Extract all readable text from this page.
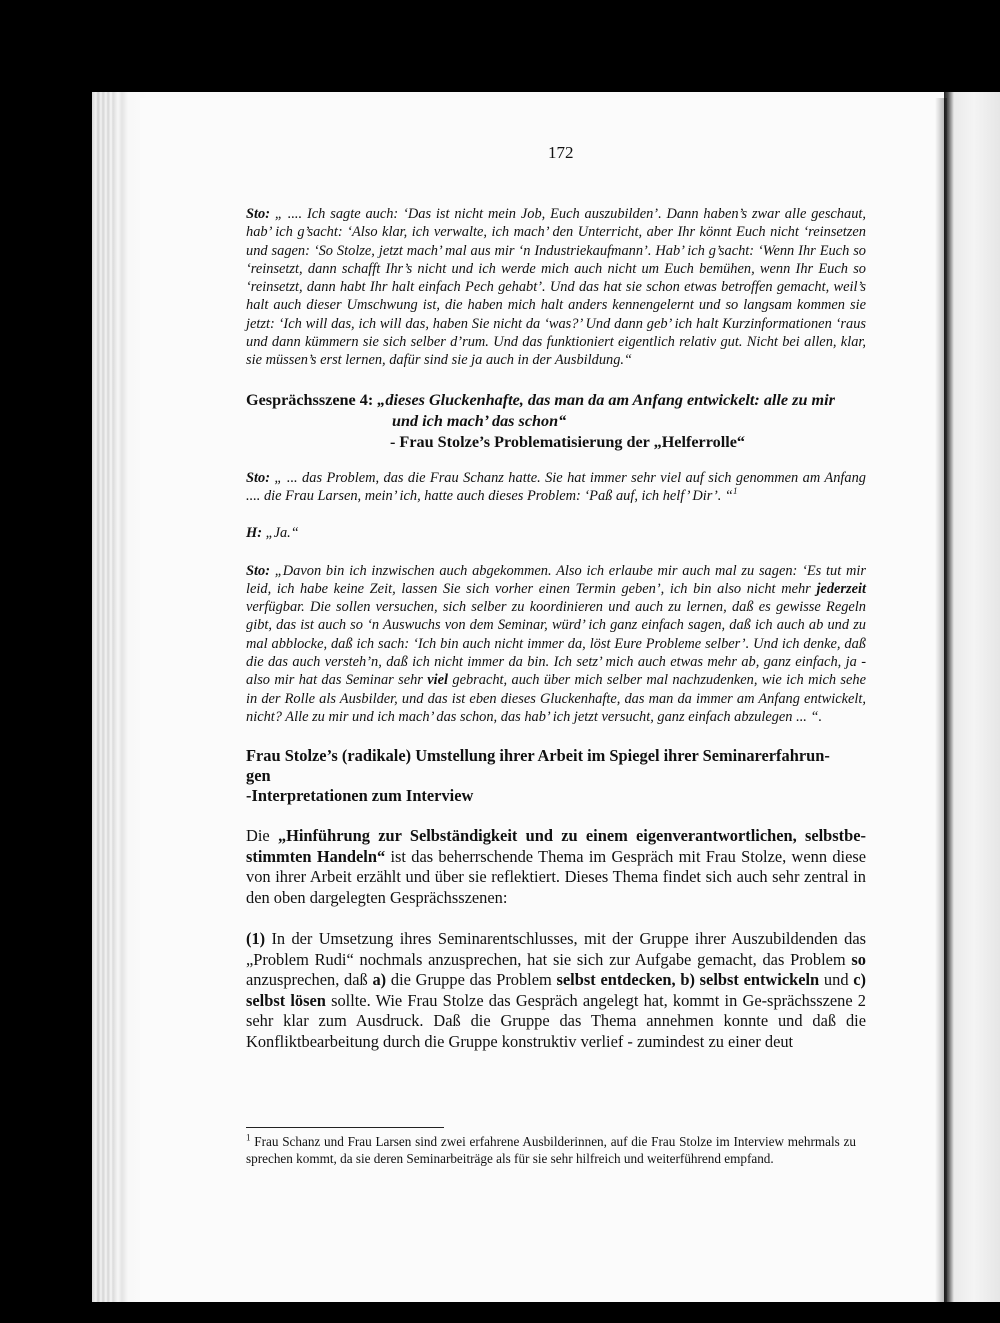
172

Sto: „ .... Ich sagte auch: ‘Das ist nicht mein Job, Euch auszubilden’. Dann haben’s zwar alle geschaut, hab’ ich g’sacht: ‘Also klar, ich verwalte, ich mach’ den Unterricht, aber Ihr könnt Euch nicht ‘reinsetzen und sagen: ‘So Stolze, jetzt mach’ mal aus mir ‘n Industriekaufmann’. Hab’ ich g’sacht: ‘Wenn Ihr Euch so ‘reinsetzt, dann schafft Ihr’s nicht und ich werde mich auch nicht um Euch bemühen, wenn Ihr Euch so ‘reinsetzt, dann habt Ihr halt einfach Pech gehabt’. Und das hat sie schon etwas betroffen gemacht, weil’s halt auch dieser Umschwung ist, die haben mich halt anders kennengelernt und so langsam kommen sie jetzt: ‘Ich will das, ich will das, haben Sie nicht da ‘was?’ Und dann geb’ ich halt Kurzinformationen ‘raus und dann kümmern sie sich selber d’rum. Und das funktioniert eigentlich relativ gut. Nicht bei allen, klar, sie müssen’s erst lernen, dafür sind sie ja auch in der Ausbildung.“

Gesprächsszene 4: „dieses Gluckenhafte, das man da am Anfang entwickelt: alle zu mir
und ich mach’ das schon“
- Frau Stolze’s Problematisierung der „Helferrolle“

Sto: „ ... das Problem, das die Frau Schanz hatte. Sie hat immer sehr viel auf sich genommen am Anfang .... die Frau Larsen, mein’ ich, hatte auch dieses Problem: ‘Paß auf, ich helf’ Dir’. “$^1$

H: „Ja.“

Sto: „Davon bin ich inzwischen auch abgekommen. Also ich erlaube mir auch mal zu sagen: ‘Es tut mir leid, ich habe keine Zeit, lassen Sie sich vorher einen Termin geben’, ich bin also nicht mehr jederzeit verfügbar. Die sollen versuchen, sich selber zu koordinieren und auch zu lernen, daß es gewisse Regeln gibt, das ist auch so ‘n Auswuchs von dem Seminar, würd’ ich ganz einfach sagen, daß ich auch ab und zu mal abblocke, daß ich sach: ‘Ich bin auch nicht immer da, löst Eure Probleme selber’. Und ich denke, daß die das auch versteh’n, daß ich nicht immer da bin. Ich setz’ mich auch etwas mehr ab, ganz einfach, ja - also mir hat das Seminar sehr viel gebracht, auch über mich selber mal nachzudenken, wie ich mich sehe in der Rolle als Ausbilder, und das ist eben dieses Gluckenhafte, das man da immer am Anfang entwickelt, nicht? Alle zu mir und ich mach’ das schon, das hab’ ich jetzt versucht, ganz einfach abzulegen ... “.

Frau Stolze’s (radikale) Umstellung ihrer Arbeit im Spiegel ihrer Seminarerfahrun-
gen
-Interpretationen zum Interview

Die „Hinführung zur Selbständigkeit und zu einem eigenverantwortlichen, selbstbe-stimmten Handeln“ ist das beherrschende Thema im Gespräch mit Frau Stolze, wenn diese von ihrer Arbeit erzählt und über sie reflektiert. Dieses Thema findet sich auch sehr zentral in den oben dargelegten Gesprächsszenen:

(1) In der Umsetzung ihres Seminarentschlusses, mit der Gruppe ihrer Auszubildenden das „Problem Rudi“ nochmals anzusprechen, hat sie sich zur Aufgabe gemacht, das Problem so anzusprechen, daß a) die Gruppe das Problem selbst entdecken, b) selbst entwickeln und c) selbst lösen sollte. Wie Frau Stolze das Gespräch angelegt hat, kommt in Ge-sprächsszene 2 sehr klar zum Ausdruck. Daß die Gruppe das Thema annehmen konnte und daß die Konfliktbearbeitung durch die Gruppe konstruktiv verlief - zumindest zu einer deut

$^1$ Frau Schanz und Frau Larsen sind zwei erfahrene Ausbilderinnen, auf die Frau Stolze im Interview mehrmals zu sprechen kommt, da sie deren Seminarbeiträge als für sie sehr hilfreich und weiterführend empfand.
